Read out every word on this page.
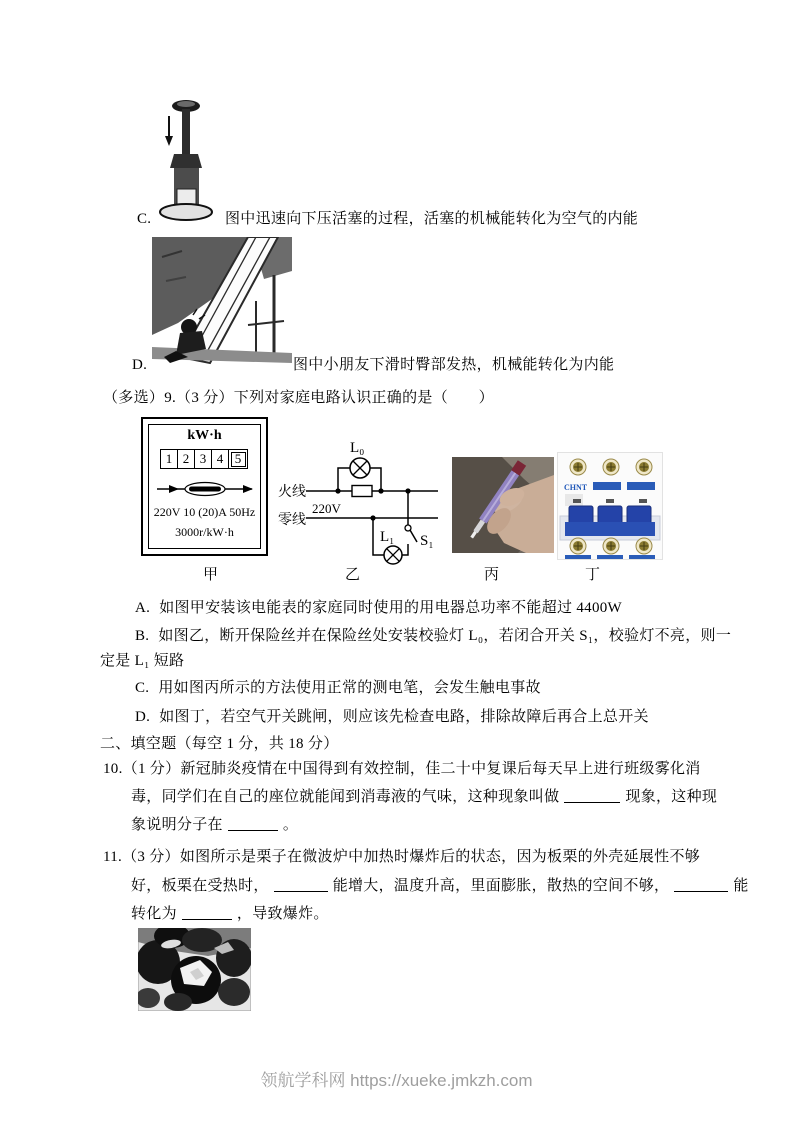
C.	图中迅速向下压活塞的过程，活塞的机械能转化为空气的内能
D.	图中小朋友下滑时臀部发热，机械能转化为内能
（多选）9.（3 分）下列对家庭电路认识正确的是（　　）
kW·h
1 2 3 4 5
220V 10 (20)A 50Hz
3000r/kW·h
甲
火线
零线
220V
L₀
L₁ S₁
乙	丙
CHNT
丁
A. 如图甲安装该电能表的家庭同时使用的用电器总功率不能超过 4400W
B. 如图乙，断开保险丝并在保险丝处安装校验灯 L₀，若闭合开关 S₁，校验灯不亮，则一
定是 L₁ 短路
C. 用如图丙所示的方法使用正常的测电笔，会发生触电事故
D. 如图丁，若空气开关跳闸，则应该先检查电路，排除故障后再合上总开关
二、填空题（每空 1 分，共 18 分）
10.（1 分）新冠肺炎疫情在中国得到有效控制，佳二十中复课后每天早上进行班级雾化消
毒，同学们在自己的座位就能闻到消毒液的气味，这种现象叫做	现象，这种现
象说明分子在	。
11.（3 分）如图所示是栗子在微波炉中加热时爆炸后的状态，因为板栗的外壳延展性不够
好，板栗在受热时，	能增大，温度升高，里面膨胀，散热的空间不够，	能
转化为	，导致爆炸。
领航学科网 https://xueke.jmkzh.com
